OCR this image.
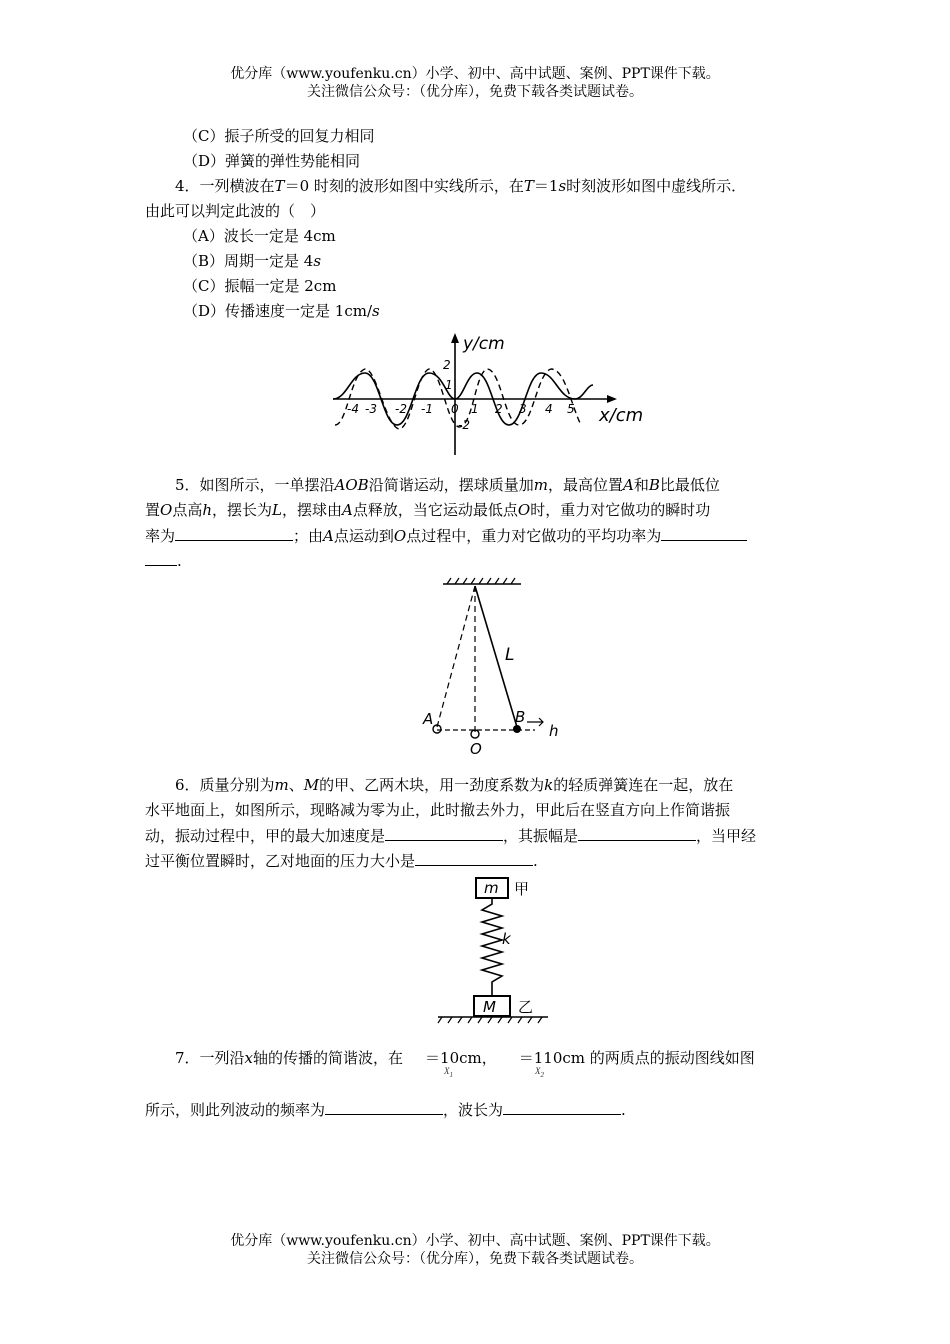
优分库（www.youfenku.cn）小学、初中、高中试题、案例、PPT课件下载。
关注微信公众号：（优分库），免费下载各类试题试卷。
（C）振子所受的回复力相同
（D）弹簧的弹性势能相同
4．一列横波在T＝0 时刻的波形如图中实线所示，在T＝1s时刻波形如图中虚线所示．
由此可以判定此波的（　）
（A）波长一定是 4cm
（B）周期一定是 4s
（C）振幅一定是 2cm
（D）传播速度一定是 1cm/s
y/cm
x/cm
2
1
-2
-4 -3 -2 -1 0 1 2 3 4 5
5．如图所示，一单摆沿AOB沿简谐运动，摆球质量加m，最高位置A和B比最低位
置O点高h，摆长为L，摆球由A点释放，当它运动最低点O时，重力对它做功的瞬时功
率为	；由A点运动到O点过程中，重力对它做功的平均功率为
.
L
A	B
O
h
6．质量分别为m、M的甲、乙两木块，用一劲度系数为k的轻质弹簧连在一起，放在
水平地面上，如图所示，现略减为零为止，此时撤去外力，甲此后在竖直方向上作简谐振
动，振动过程中，甲的最大加速度是	，其振幅是	，当甲经
过平衡位置瞬时，乙对地面的压力大小是	.
m 甲
k
M 乙
7．一列沿x轴的传播的简谐波，在 ＝10cm， ＝110cm 的两质点的振动图线如图
$X_1$	$X_2$
所示，则此列波动的频率为	，波长为	.
优分库（www.youfenku.cn）小学、初中、高中试题、案例、PPT课件下载。
关注微信公众号：（优分库），免费下载各类试题试卷。
